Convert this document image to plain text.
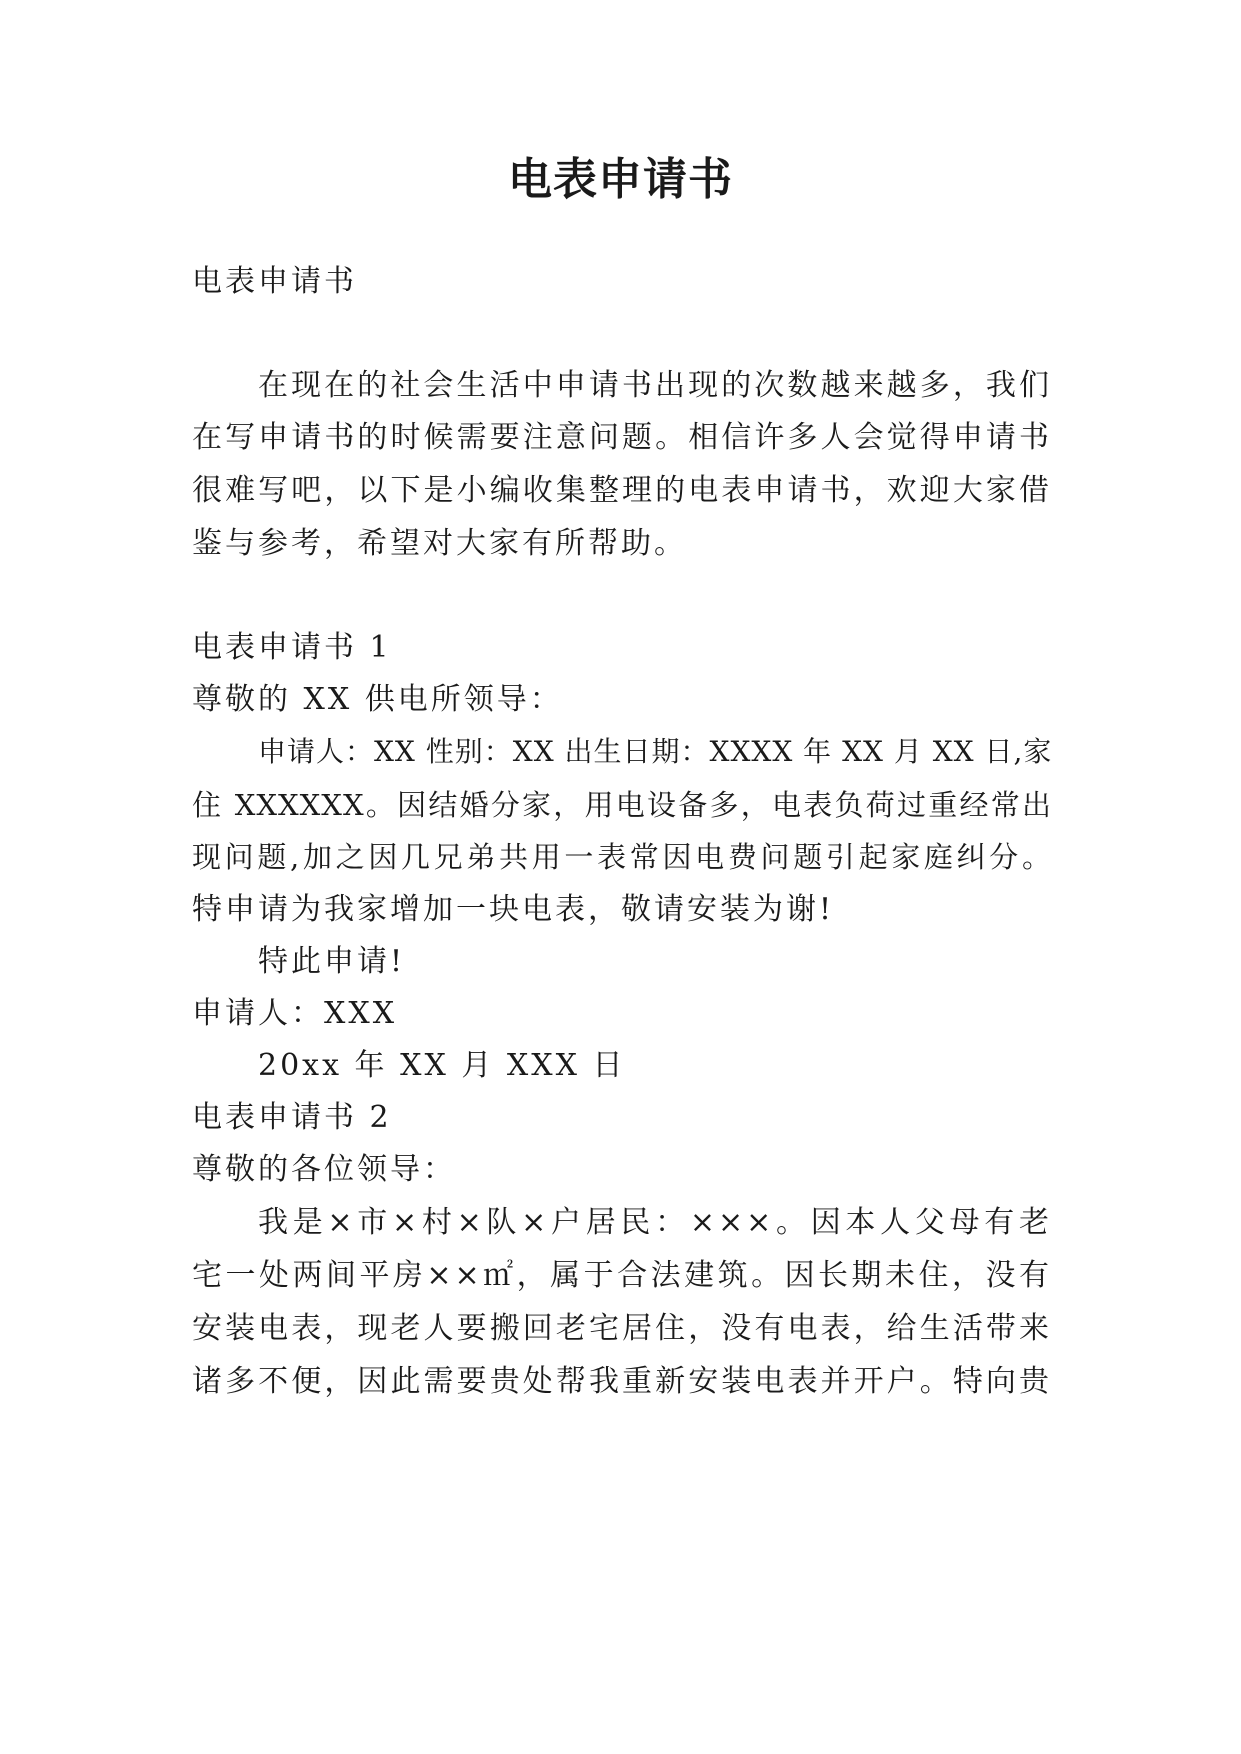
电表申请书
电表申请书
在现在的社会生活中申请书出现的次数越来越多，我们
在写申请书的时候需要注意问题。相信许多人会觉得申请书
很难写吧，以下是小编收集整理的电表申请书，欢迎大家借
鉴与参考，希望对大家有所帮助。
电表申请书 1
尊敬的 XX 供电所领导：
申请人：XX 性别：XX 出生日期：XXXX 年 XX 月 XX 日,家
住 XXXXXX。因结婚分家，用电设备多，电表负荷过重经常出
现问题,加之因几兄弟共用一表常因电费问题引起家庭纠分。
特申请为我家增加一块电表，敬请安装为谢!
特此申请!
申请人：XXX
20xx 年 XX 月 XXX 日
电表申请书 2
尊敬的各位领导：
我是×市×村×队×户居民：×××。因本人父母有老
宅一处两间平房××㎡，属于合法建筑。因长期未住，没有
安装电表，现老人要搬回老宅居住，没有电表，给生活带来
诸多不便，因此需要贵处帮我重新安装电表并开户。特向贵
